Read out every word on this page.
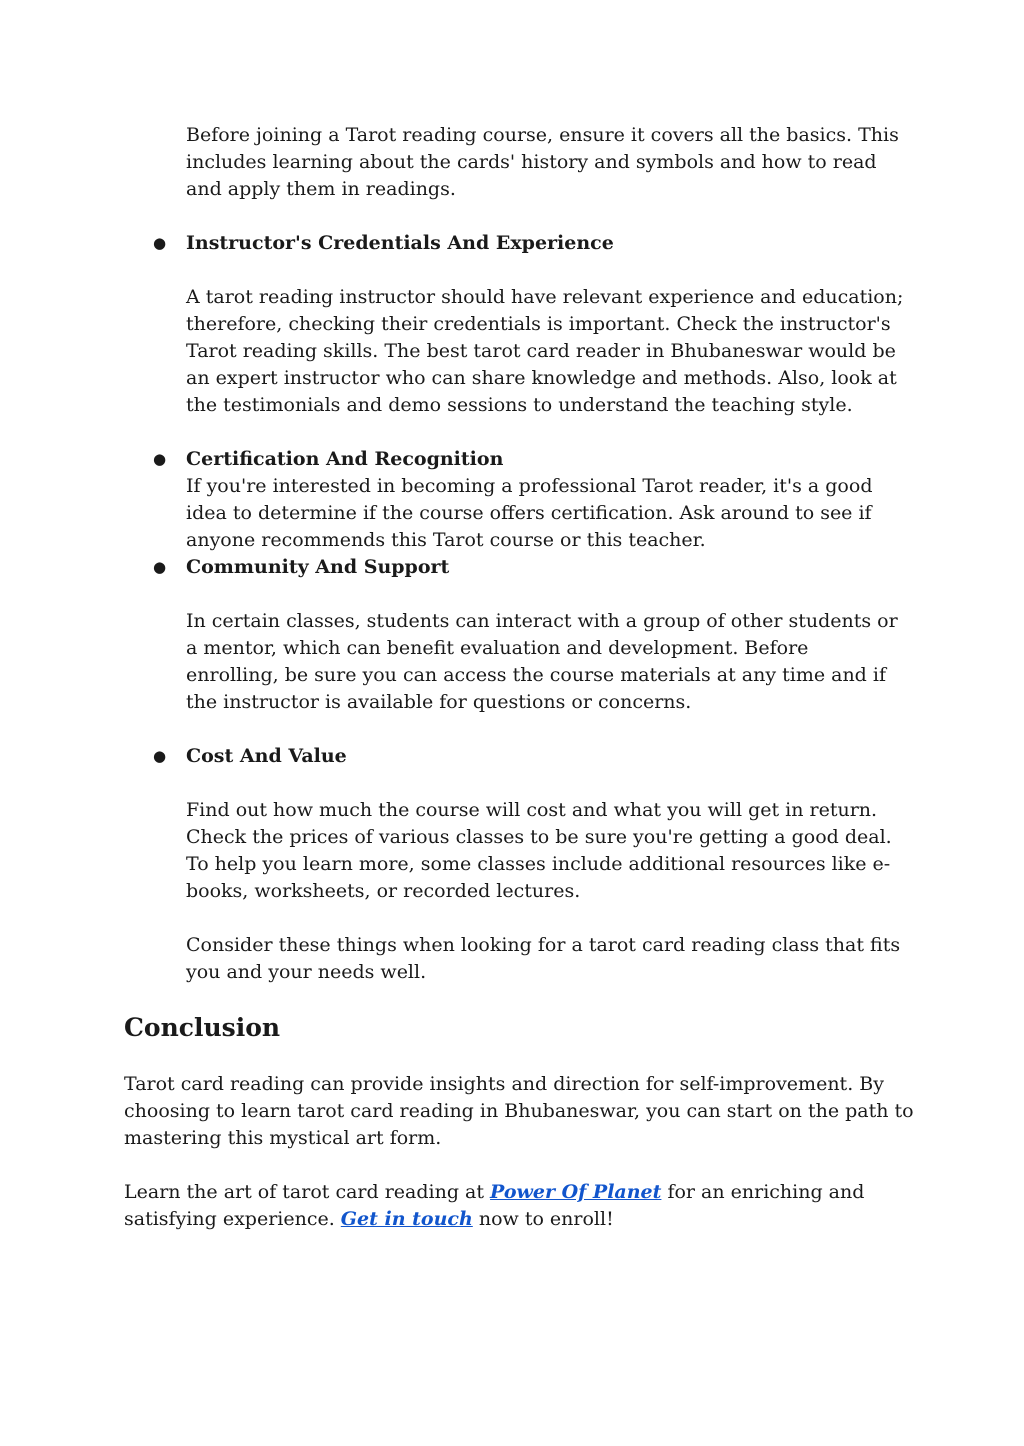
Before joining a Tarot reading course, ensure it covers all the basics. This includes learning about the cards' history and symbols and how to read and apply them in readings.

● Instructor's Credentials And Experience

A tarot reading instructor should have relevant experience and education; therefore, checking their credentials is important. Check the instructor's Tarot reading skills. The best tarot card reader in Bhubaneswar would be an expert instructor who can share knowledge and methods. Also, look at the testimonials and demo sessions to understand the teaching style.

● Certification And Recognition

If you're interested in becoming a professional Tarot reader, it's a good idea to determine if the course offers certification. Ask around to see if anyone recommends this Tarot course or this teacher.

● Community And Support

In certain classes, students can interact with a group of other students or a mentor, which can benefit evaluation and development. Before enrolling, be sure you can access the course materials at any time and if the instructor is available for questions or concerns.

● Cost And Value

Find out how much the course will cost and what you will get in return. Check the prices of various classes to be sure you're getting a good deal. To help you learn more, some classes include additional resources like e-books, worksheets, or recorded lectures.

Consider these things when looking for a tarot card reading class that fits you and your needs well.

Conclusion

Tarot card reading can provide insights and direction for self-improvement. By choosing to learn tarot card reading in Bhubaneswar, you can start on the path to mastering this mystical art form.

Learn the art of tarot card reading at Power Of Planet for an enriching and satisfying experience. Get in touch now to enroll!
